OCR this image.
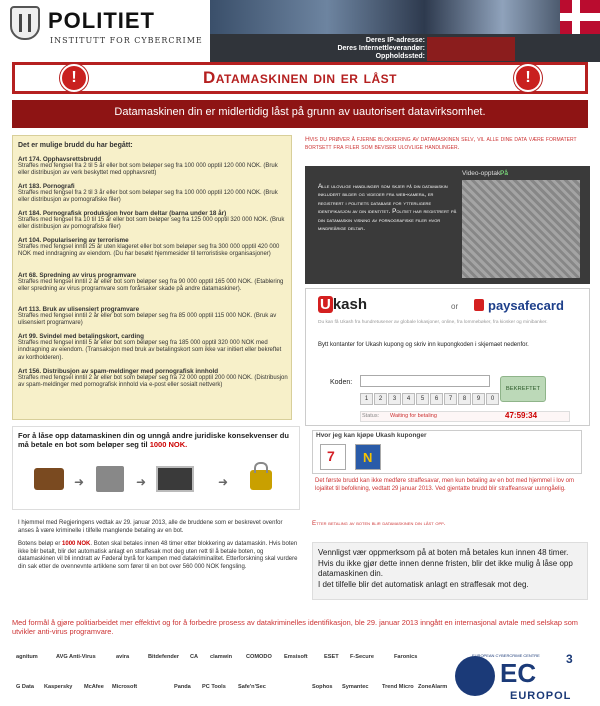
POLITIET
INSTITUTT FOR CYBERCRIME	Deres IP-adresse:
Deres Internettleverandør:
Oppholdssted:
!	!
Datamaskinen din er låst
Datamaskinen din er midlertidig låst på grunn av uautorisert datavirksomhet.
Det er mulige brudd du har begått:
Art 174. Opphavsrettsbrudd
Straffes med fengsel fra 2 til 5 år eller bot som beløper seg fra 100 000 opptil 120 000 NOK. (Bruk eller distribusjon av verk beskyttet med opphavsrett)
Art 183. Pornografi
Straffes med fengsel fra 2 til 3 år eller bot som beløper seg fra 100 000 opptil 120 000 NOK. (Bruk eller distribusjon av pornografiske filer)
Art 184. Pornografisk produksjon hvor barn deltar (barna under 18 år)
Straffes med fengsel fra 10 til 15 år eller bot som beløper seg fra 125 000 opptil 320 000 NOK. (Bruk eller distribusjon av pornografiske filer)
Art 104. Popularisering av terrorisme
Straffes med fengsel inntil 25 år uten klageret eller bot som beløper seg fra 300 000 opptil 420 000 NOK med inndragning av eiendom. (Du har besøkt hjemmesider til terroristiske organisasjoner)
Art 68. Spredning av virus programvare
Straffes med fengsel inntil 2 år eller bot som beløper seg fra 90 000 opptil 165 000 NOK. (Etablering eller spredning av virus programvare som forårsaker skade på andre datamaskiner).
Art 113. Bruk av ulisensiert programvare
Straffes med fengsel inntil 2 år eller bot som beløper seg fra 85 000 opptil 115 000 NOK. (Bruk av ulisensiert programvare)
Art 99. Svindel med betalingskort, carding
Straffes med fengsel inntil 5 år eller bot som beløper seg fra 185 000 opptil 320 000 NOK med inndragning av eiendom. (Transaksjon med bruk av betalingskort som ikke var initiert eller bekreftet av kortholderen).
Art 156. Distribusjon av spam-meldinger med pornografisk innhold
Straffes med fengsel inntil 2 år eller bot som beløper seg fra 72 000 opptil 200 000 NOK. (Distribusjon av spam-meldinger med pornografisk innhold via e-post eller sosialt nettverk)
Hvis du prøver å fjerne blokkering av datamaskinen selv, vil alle dine data være formatert bortsett fra filer som beviser ulovlige handlinger.
Alle ulovlige handlinger som skjer på din datamaskin inkludert bilder og videoer fra web-kamera, er registrert i politiets database for ytterligere identifikasjon av din identitet. Politiet har registrert på din datamaskin visning av pornografiske filer hvor mindreårige deltar.
Video-opptak:
På
Ukash	or paysafecard
Du kan få Ukash fra hundretusener av globale lokasjoner, online, fra lommebøker, fra kiosker og minibanker.
Bytt kontanter for Ukash kupong og skriv inn kupongkoden i skjemaet nedenfor.
Koden:
1	2	3	4	5	6	7	8	9	0
BEKREFTET
Status: Waiting for betaling	47:59:34
Hvor jeg kan kjøpe Ukash kuponger
7 N
Det første brudd kan ikke medføre straffesavar, men kun betaling av en bot med hjemmel i lov om lojalitet til befolkning, vedtatt 29 januar 2013. Ved gjentatte brudd blir straffeansvar uunngåelig.
For å låse opp datamaskinen din og unngå andre juridiske konsekvenser du må betale en bot som beløper seg til 1000 NOK.
➜	➜	➜

I hjemmel med Regjeringens vedtak av 29. januar 2013, alle de bruddene som er beskrevet ovenfor anses å være kriminelle i tilfelle manglende betaling av en bot.

Botens beløp er 1000 NOK. Boten skal betales innen 48 timer etter blokkering av datamaskin. Hvis boten ikke blir betalt, blir det automatisk anlagt en straffesak mot deg uten rett til å betale boten, og datamaskinen vil bli inndratt av Føderal byrå for kampen med datakriminalitet. Etterforskning skal vurdere din sak etter de ovennevnte artiklene som fører til en bot over 560 000 NOK fengsling.

Etter betaling av boten blir datamaskinen din låst opp.
Vennligst vær oppmerksom på at boten må betales kun innen 48 timer. Hvis du ikke gjør dette innen denne fristen, blir det ikke mulig å låse opp datamaskinen din.
I det tilfelle blir det automatisk anlagt en straffesak mot deg.
Med formål å gjøre politiarbeidet mer effektivt og for å forbedre prosess av datakriminelles identifikasjon, ble 29. januar 2013 inngått en internasjonal avtale med selskap som utvikler anti-virus programvare.
agnitum	AVG Anti-Virus	avira	Bitdefender CA clamwin COMODO Emsisoft	ESET F-Secure	Faronics
G Data Kaspersky McAfee Microsoft	Panda PC Tools Safe'n'Sec	Sophos Symantec Trend Micro ZoneAlarm
EUROPEAN CYBERCRIME CENTRE
EC 3
EUROPOL
